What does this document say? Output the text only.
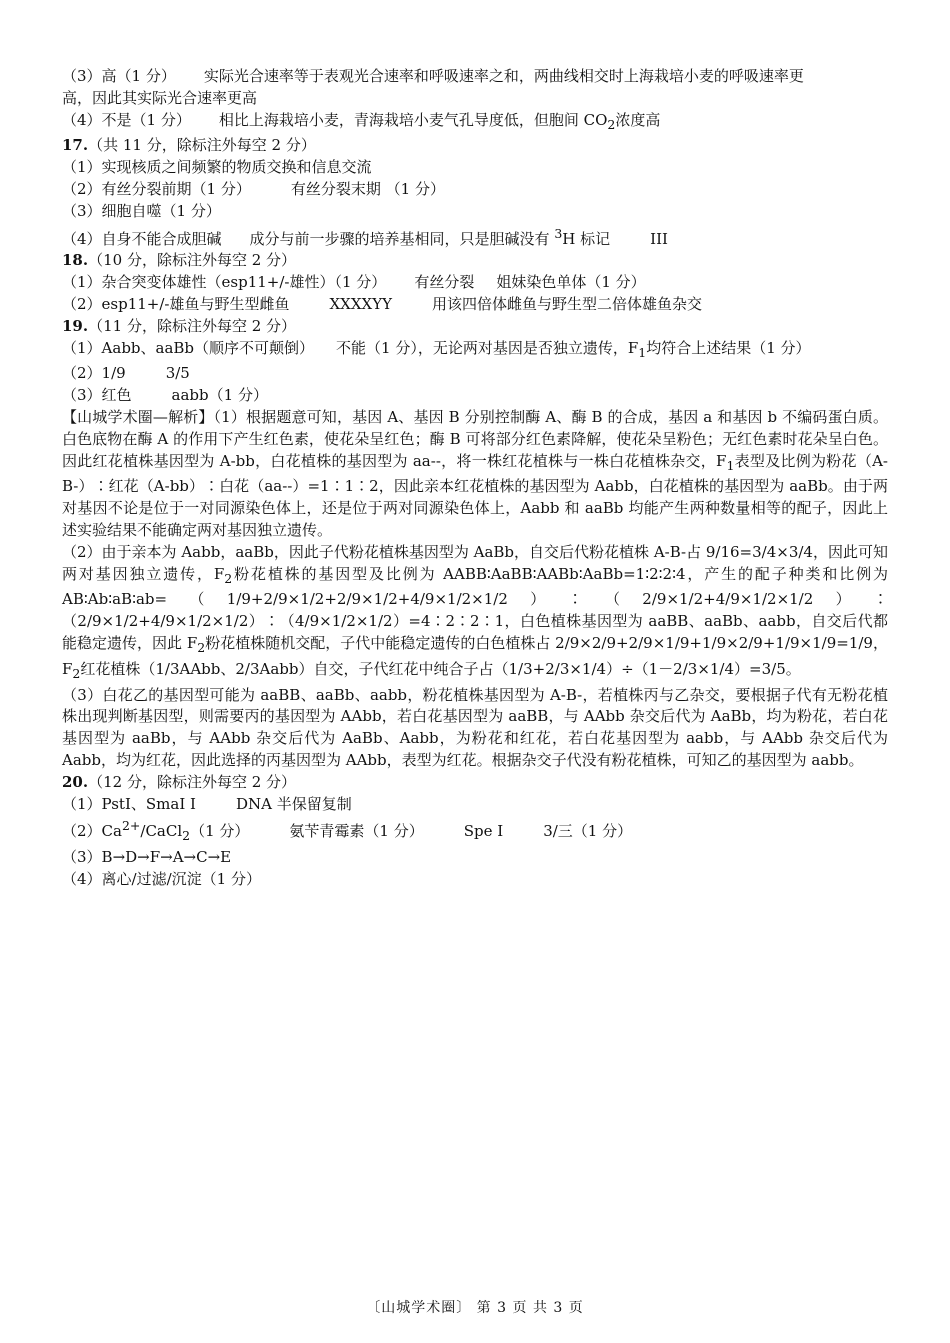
（3）高（1 分） 实际光合速率等于表观光合速率和呼吸速率之和，两曲线相交时上海栽培小麦的呼吸速率更
高，因此其实际光合速率更高
（4）不是（1 分） 相比上海栽培小麦，青海栽培小麦气孔导度低，但胞间 $CO_2$浓度高
17.（共 11 分，除标注外每空 2 分）
（1）实现核质之间频繁的物质交换和信息交流
（2）有丝分裂前期（1 分）	有丝分裂末期 （1 分）
（3）细胞自噬（1 分）
（4）自身不能合成胆碱 成分与前一步骤的培养基相同，只是胆碱没有 $^3$H 标记	III
18.（10 分，除标注外每空 2 分）
（1）杂合突变体雄性（esp11+/-雄性）（1 分） 有丝分裂 姐妹染色单体（1 分）
（2）esp11+/-雄鱼与野生型雌鱼	XXXXYY	用该四倍体雌鱼与野生型二倍体雄鱼杂交
19.（11 分，除标注外每空 2 分）
（1）Aabb、aaBb（顺序不可颠倒） 不能（1 分），无论两对基因是否独立遗传，$F_1$均符合上述结果（1 分）
（2）1/9	3/5
（3）红色	aabb（1 分）
【山城学术圈—解析】（1）根据题意可知，基因 A、基因 B 分别控制酶 A、酶 B 的合成，基因 a 和基因 b 不编码蛋白质。白色底物在酶 A 的作用下产生红色素，使花朵呈红色；酶 B 可将部分红色素降解，使花朵呈粉色；无红色素时花朵呈白色。因此红花植株基因型为 A-bb，白花植株的基因型为 aa--，将一株红花植株与一株白花植株杂交，$F_1$表型及比例为粉花（A-B-）∶红花（A-bb）∶白花（aa--）=1∶1∶2，因此亲本红花植株的基因型为 Aabb，白花植株的基因型为 aaBb。由于两对基因不论是位于一对同源染色体上，还是位于两对同源染色体上，Aabb 和 aaBb 均能产生两种数量相等的配子，因此上述实验结果不能确定两对基因独立遗传。
（2）由于亲本为 Aabb，aaBb，因此子代粉花植株基因型为 AaBb，自交后代粉花植株 A-B-占 9/16=3/4×3/4，因此可知两对基因独立遗传，$F_2$粉花植株的基因型及比例为 AABB∶AaBB∶AABb∶AaBb=1∶2∶2∶4，产生的配子种类和比例为 AB∶Ab∶aB∶ab=（1/9+2/9×1/2+2/9×1/2+4/9×1/2×1/2）∶（2/9×1/2+4/9×1/2×1/2）∶（2/9×1/2+4/9×1/2×1/2）∶（4/9×1/2×1/2）=4∶2∶2∶1，白色植株基因型为 aaBB、aaBb、aabb，自交后代都能稳定遗传，因此 $F_2$粉花植株随机交配，子代中能稳定遗传的白色植株占 2/9×2/9+2/9×1/9+1/9×2/9+1/9×1/9=1/9，$F_2$红花植株（1/3AAbb、2/3Aabb）自交，子代红花中纯合子占（1/3+2/3×1/4）÷（1－2/3×1/4）=3/5。
（3）白花乙的基因型可能为 aaBB、aaBb、aabb，粉花植株基因型为 A-B-，若植株丙与乙杂交，要根据子代有无粉花植株出现判断基因型，则需要丙的基因型为 AAbb，若白花基因型为 aaBB，与 AAbb 杂交后代为 AaBb，均为粉花，若白花基因型为 aaBb，与 AAbb 杂交后代为 AaBb、Aabb，为粉花和红花，若白花基因型为 aabb，与 AAbb 杂交后代为 Aabb，均为红花，因此选择的丙基因型为 AAbb，表型为红花。根据杂交子代没有粉花植株，可知乙的基因型为 aabb。
20.（12 分，除标注外每空 2 分）
（1）PstI、SmaI I	DNA 半保留复制
$(2)Ca^{2+}/CaCl_2(1$ 分）	氨苄青霉素（1 分）	Spe I	3/三（1 分）
（3）B→D→F→A→C→E
（4）离心/过滤/沉淀（1 分）
〔山城学术圈〕 第 3 页 共 3 页
